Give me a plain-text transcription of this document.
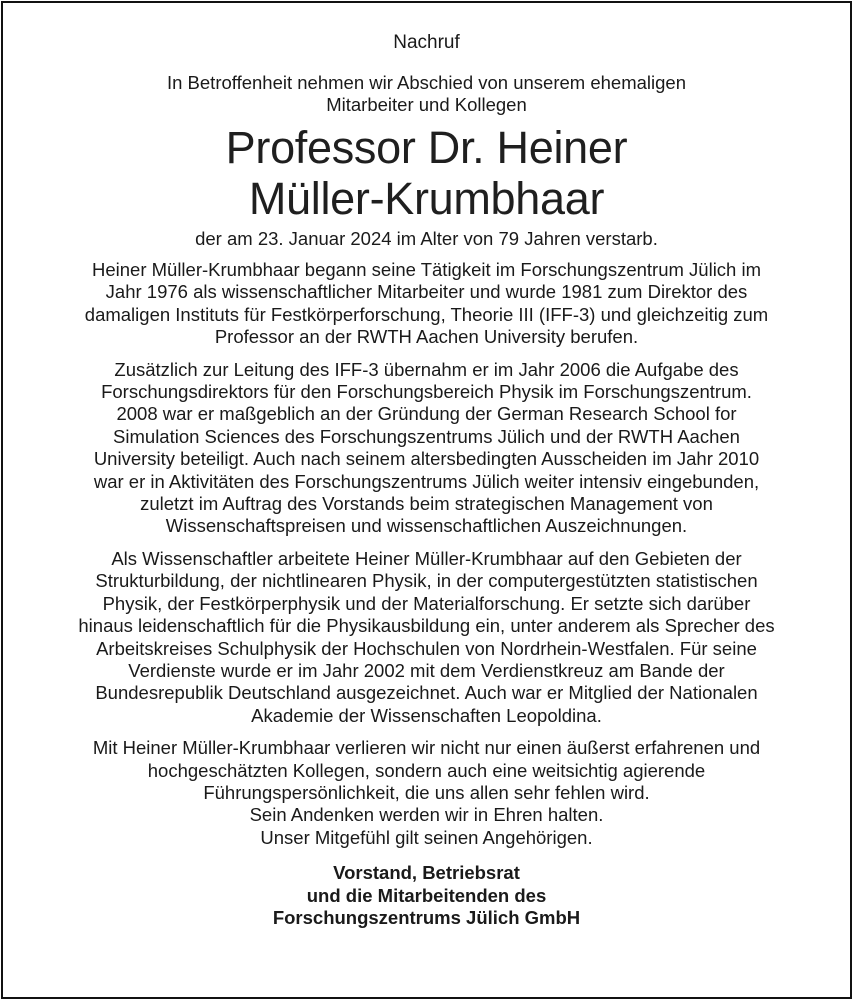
Nachruf
In Betroffenheit nehmen wir Abschied von unserem ehemaligen
Mitarbeiter und Kollegen
Professor Dr. Heiner
Müller-Krumbhaar
der am 23. Januar 2024 im Alter von 79 Jahren verstarb.
Heiner Müller-Krumbhaar begann seine Tätigkeit im Forschungszentrum Jülich im
Jahr 1976 als wissenschaftlicher Mitarbeiter und wurde 1981 zum Direktor des
damaligen Instituts für Festkörperforschung, Theorie III (IFF-3) und gleichzeitig zum
Professor an der RWTH Aachen University berufen.
Zusätzlich zur Leitung des IFF-3 übernahm er im Jahr 2006 die Aufgabe des
Forschungsdirektors für den Forschungsbereich Physik im Forschungszentrum.
2008 war er maßgeblich an der Gründung der German Research School for
Simulation Sciences des Forschungszentrums Jülich und der RWTH Aachen
University beteiligt. Auch nach seinem altersbedingten Ausscheiden im Jahr 2010
war er in Aktivitäten des Forschungszentrums Jülich weiter intensiv eingebunden,
zuletzt im Auftrag des Vorstands beim strategischen Management von
Wissenschaftspreisen und wissenschaftlichen Auszeichnungen.
Als Wissenschaftler arbeitete Heiner Müller-Krumbhaar auf den Gebieten der
Strukturbildung, der nichtlinearen Physik, in der computergestützten statistischen
Physik, der Festkörperphysik und der Materialforschung. Er setzte sich darüber
hinaus leidenschaftlich für die Physikausbildung ein, unter anderem als Sprecher des
Arbeitskreises Schulphysik der Hochschulen von Nordrhein-Westfalen. Für seine
Verdienste wurde er im Jahr 2002 mit dem Verdienstkreuz am Bande der
Bundesrepublik Deutschland ausgezeichnet. Auch war er Mitglied der Nationalen
Akademie der Wissenschaften Leopoldina.
Mit Heiner Müller-Krumbhaar verlieren wir nicht nur einen äußerst erfahrenen und
hochgeschätzten Kollegen, sondern auch eine weitsichtig agierende
Führungspersönlichkeit, die uns allen sehr fehlen wird.
Sein Andenken werden wir in Ehren halten.
Unser Mitgefühl gilt seinen Angehörigen.
Vorstand, Betriebsrat
und die Mitarbeitenden des
Forschungszentrums Jülich GmbH
